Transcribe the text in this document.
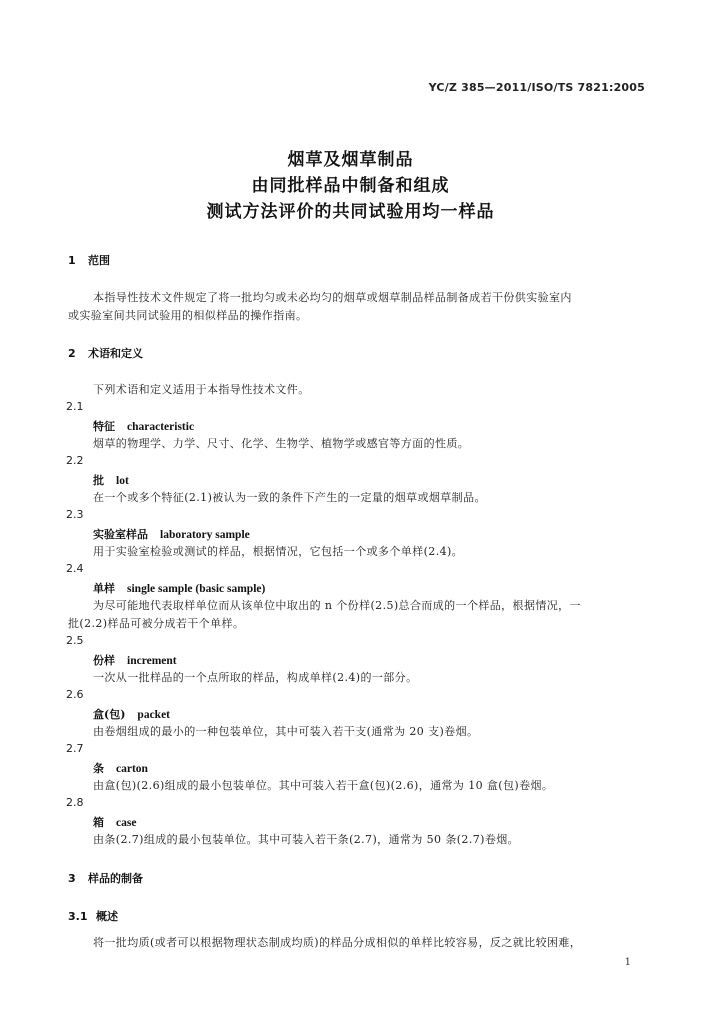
YC/Z 385—2011/ISO/TS 7821:2005
烟草及烟草制品
由同批样品中制备和组成
测试方法评价的共同试验用均一样品
1 范围
本指导性技术文件规定了将一批均匀或未必均匀的烟草或烟草制品样品制备成若干份供实验室内
或实验室间共同试验用的相似样品的操作指南。
2 术语和定义
下列术语和定义适用于本指导性技术文件。
2.1
特征 characteristic
烟草的物理学、力学、尺寸、化学、生物学、植物学或感官等方面的性质。
2.2
批 lot
在一个或多个特征(2.1)被认为一致的条件下产生的一定量的烟草或烟草制品。
2.3
实验室样品 laboratory sample
用于实验室检验或测试的样品，根据情况，它包括一个或多个单样(2.4)。
2.4
单样 single sample (basic sample)
为尽可能地代表取样单位而从该单位中取出的 n 个份样(2.5)总合而成的一个样品，根据情况，一
批(2.2)样品可被分成若干个单样。
2.5
份样 increment
一次从一批样品的一个点所取的样品，构成单样(2.4)的一部分。
2.6
盒(包) packet
由卷烟组成的最小的一种包装单位，其中可装入若干支(通常为 20 支)卷烟。
2.7
条 carton
由盒(包)(2.6)组成的最小包装单位。其中可装入若干盒(包)(2.6)，通常为 10 盒(包)卷烟。
2.8
箱 case
由条(2.7)组成的最小包装单位。其中可装入若干条(2.7)，通常为 50 条(2.7)卷烟。
3 样品的制备
3.1 概述
将一批均质(或者可以根据物理状态制成均质)的样品分成相似的单样比较容易，反之就比较困难，
1
